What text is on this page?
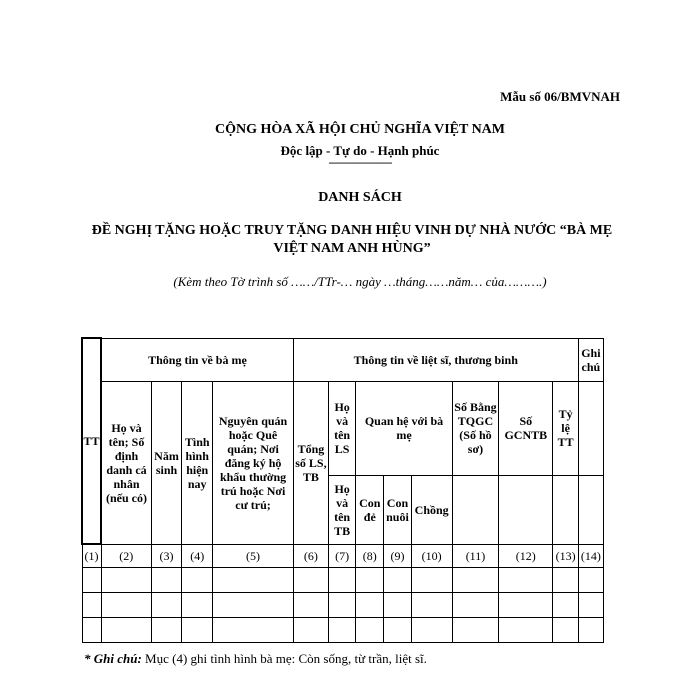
Mẫu số 06/BMVNAH
CỘNG HÒA XÃ HỘI CHỦ NGHĨA VIỆT NAM
Độc lập - Tự do - Hạnh phúc
---------------------
DANH SÁCH
ĐỀ NGHỊ TẶNG HOẶC TRUY TẶNG DANH HIỆU VINH DỰ NHÀ NƯỚC “BÀ MẸ VIỆT NAM ANH HÙNG”
(Kèm theo Tờ trình số ……/TTr-… ngày …tháng……năm… của……….)
TT	Thông tin về bà mẹ				Thông tin về liệt sĩ, thương binh								Ghi chú
	Họ và tên; Số định danh cá nhân (nếu có)	Năm sinh	Tình hình hiện nay	Nguyên quán hoặc Quê quán; Nơi đăng ký hộ khẩu thường trú hoặc Nơi cư trú;	Tổng số LS, TB	Họ và tên LS	Quan hệ với bà mẹ			Số Bằng TQGC (Số hồ sơ)	Số GCNTB	Tỷ lệ TT	
						Họ và tên TB	Con đẻ	Con nuôi	Chồng				
(1)	(2)	(3)	(4)	(5)	(6)	(7)	(8)	(9)	(10)	(11)	(12)	(13)	(14)

* Ghi chú: Mục (4) ghi tình hình bà mẹ: Còn sống, từ trần, liệt sĩ.
